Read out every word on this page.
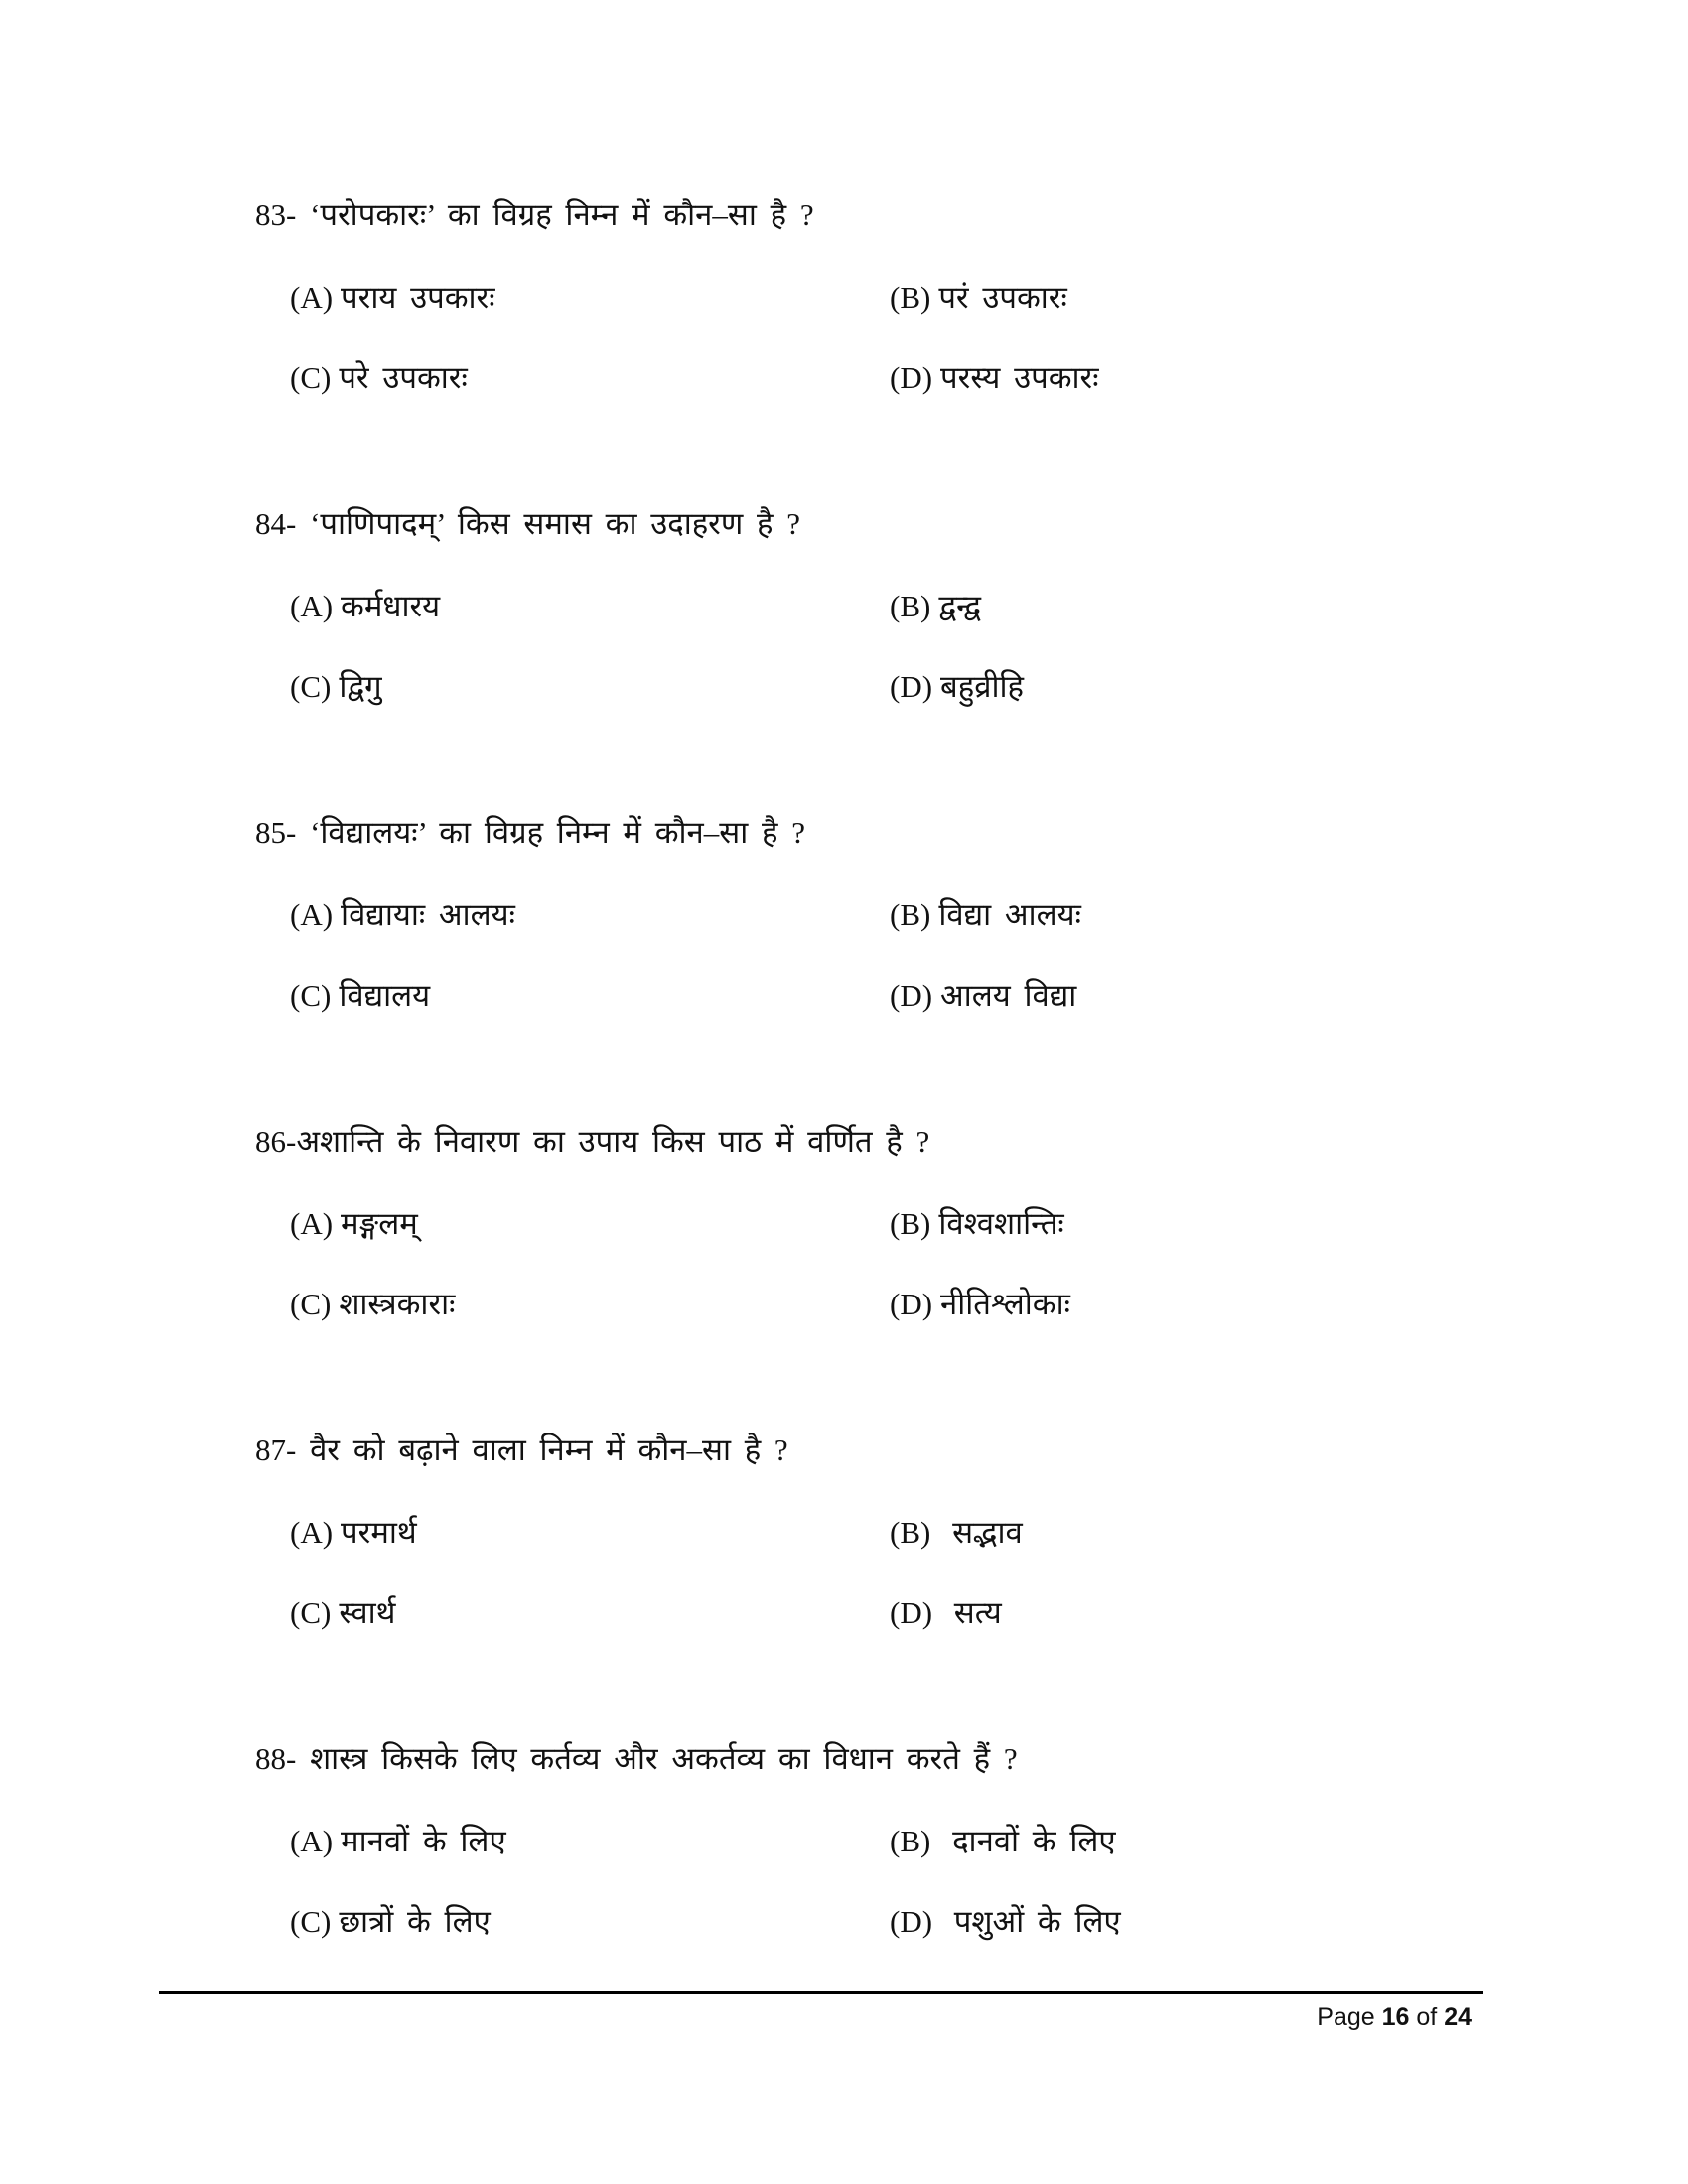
83- ‘परोपकारः’ का विग्रह निम्न में कौन–सा है ?
(A) पराय उपकारः	(B) परं उपकारः
(C) परे उपकारः	(D) परस्य उपकारः
84- ‘पाणिपादम्’ किस समास का उदाहरण है ?
(A) कर्मधारय	(B) द्वन्द्व
(C) द्विगु	(D) बहुव्रीहि
85- ‘विद्यालयः’ का विग्रह निम्न में कौन–सा है ?
(A) विद्यायाः आलयः	(B) विद्या आलयः
(C) विद्यालय	(D) आलय विद्या
86-अशान्ति के निवारण का उपाय किस पाठ में वर्णित है ?
(A) मङ्गलम्	(B) विश्वशान्तिः
(C) शास्त्रकाराः	(D) नीतिश्लोकाः
87- वैर को बढ़ाने वाला निम्न में कौन–सा है ?
(A) परमार्थ	(B) सद्भाव
(C) स्वार्थ	(D) सत्य
88- शास्त्र किसके लिए कर्तव्य और अकर्तव्य का विधान करते हैं ?
(A) मानवों के लिए	(B) दानवों के लिए
(C) छात्रों के लिए	(D) पशुओं के लिए
Page 16 of 24
